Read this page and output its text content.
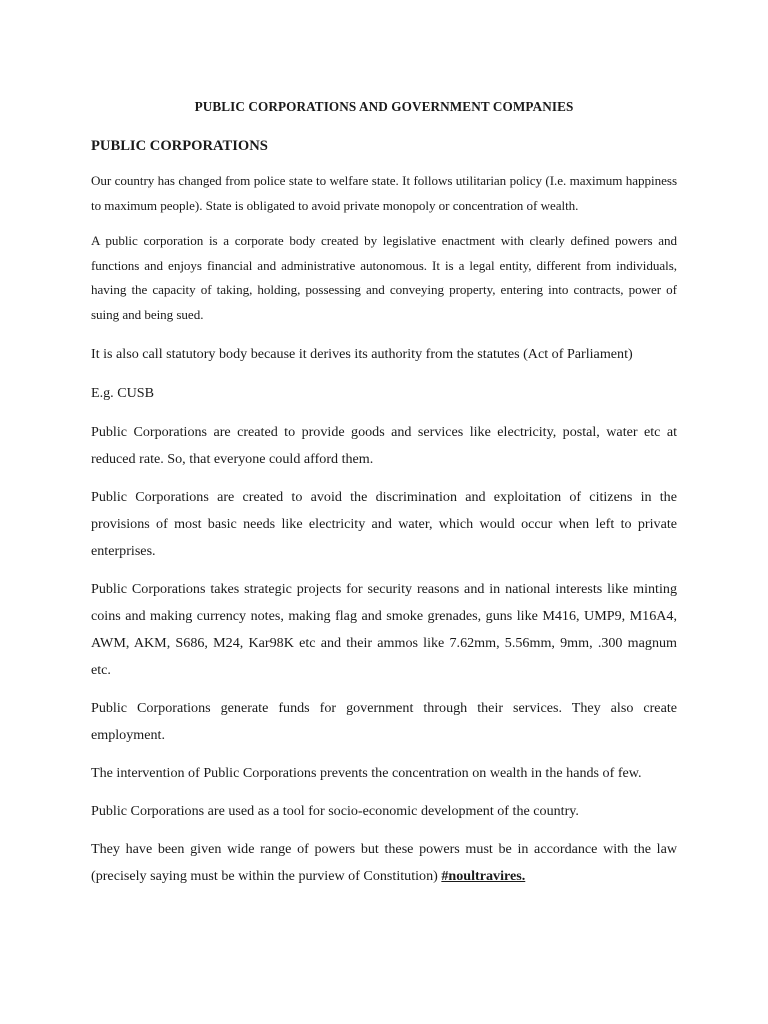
PUBLIC CORPORATIONS AND GOVERNMENT COMPANIES
PUBLIC CORPORATIONS

Our country has changed from police state to welfare state. It follows utilitarian policy (I.e. maximum happiness to maximum people). State is obligated to avoid private monopoly or concentration of wealth.

A public corporation is a corporate body created by legislative enactment with clearly defined powers and functions and enjoys financial and administrative autonomous. It is a legal entity, different from individuals, having the capacity of taking, holding, possessing and conveying property, entering into contracts, power of suing and being sued.

It is also call statutory body because it derives its authority from the statutes (Act of Parliament)

E.g. CUSB

Public Corporations are created to provide goods and services like electricity, postal, water etc at reduced rate. So, that everyone could afford them.

Public Corporations are created to avoid the discrimination and exploitation of citizens in the provisions of most basic needs like electricity and water, which would occur when left to private enterprises.

Public Corporations takes strategic projects for security reasons and in national interests like minting coins and making currency notes, making flag and smoke grenades, guns like M416, UMP9, M16A4, AWM, AKM, S686, M24, Kar98K etc and their ammos like 7.62mm, 5.56mm, 9mm, .300 magnum etc.

Public Corporations generate funds for government through their services. They also create employment.

The intervention of Public Corporations prevents the concentration on wealth in the hands of few.

Public Corporations are used as a tool for socio-economic development of the country.

They have been given wide range of powers but these powers must be in accordance with the law (precisely saying must be within the purview of Constitution) #noultravires.
